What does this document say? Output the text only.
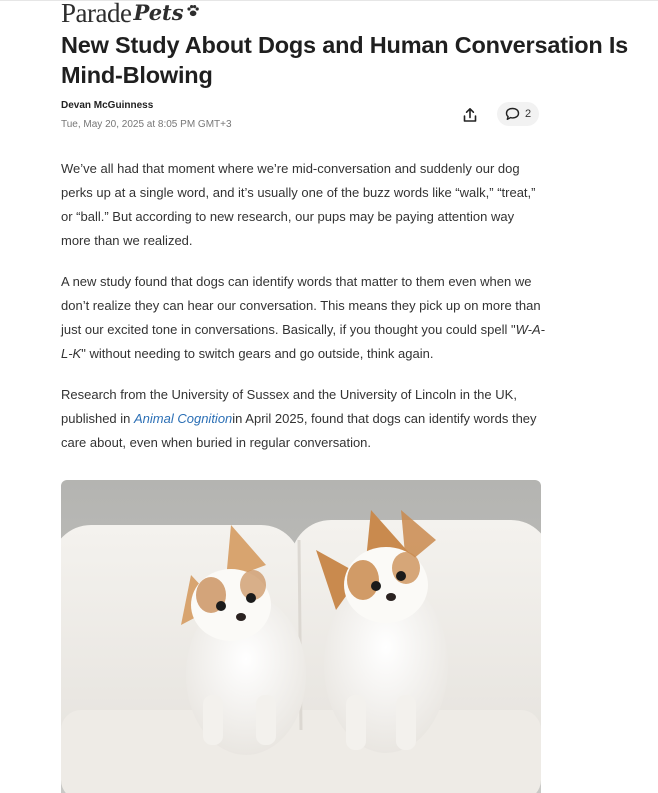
Parade Pets
New Study About Dogs and Human Conversation Is Mind-Blowing
Devan McGuinness
Tue, May 20, 2025 at 8:05 PM GMT+3
2

We’ve all had that moment where we’re mid-conversation and suddenly our dog perks up at a single word, and it’s usually one of the buzz words like “walk,” “treat,” or “ball.” But according to new research, our pups may be paying attention way more than we realized.

A new study found that dogs can identify words that matter to them even when we don’t realize they can hear our conversation. This means they pick up on more than just our excited tone in conversations. Basically, if you thought you could spell "W-A-L-K" without needing to switch gears and go outside, think again.

Research from the University of Sussex and the University of Lincoln in the UK, published in Animal Cognitionin April 2025, found that dogs can identify words they care about, even when buried in regular conversation.
